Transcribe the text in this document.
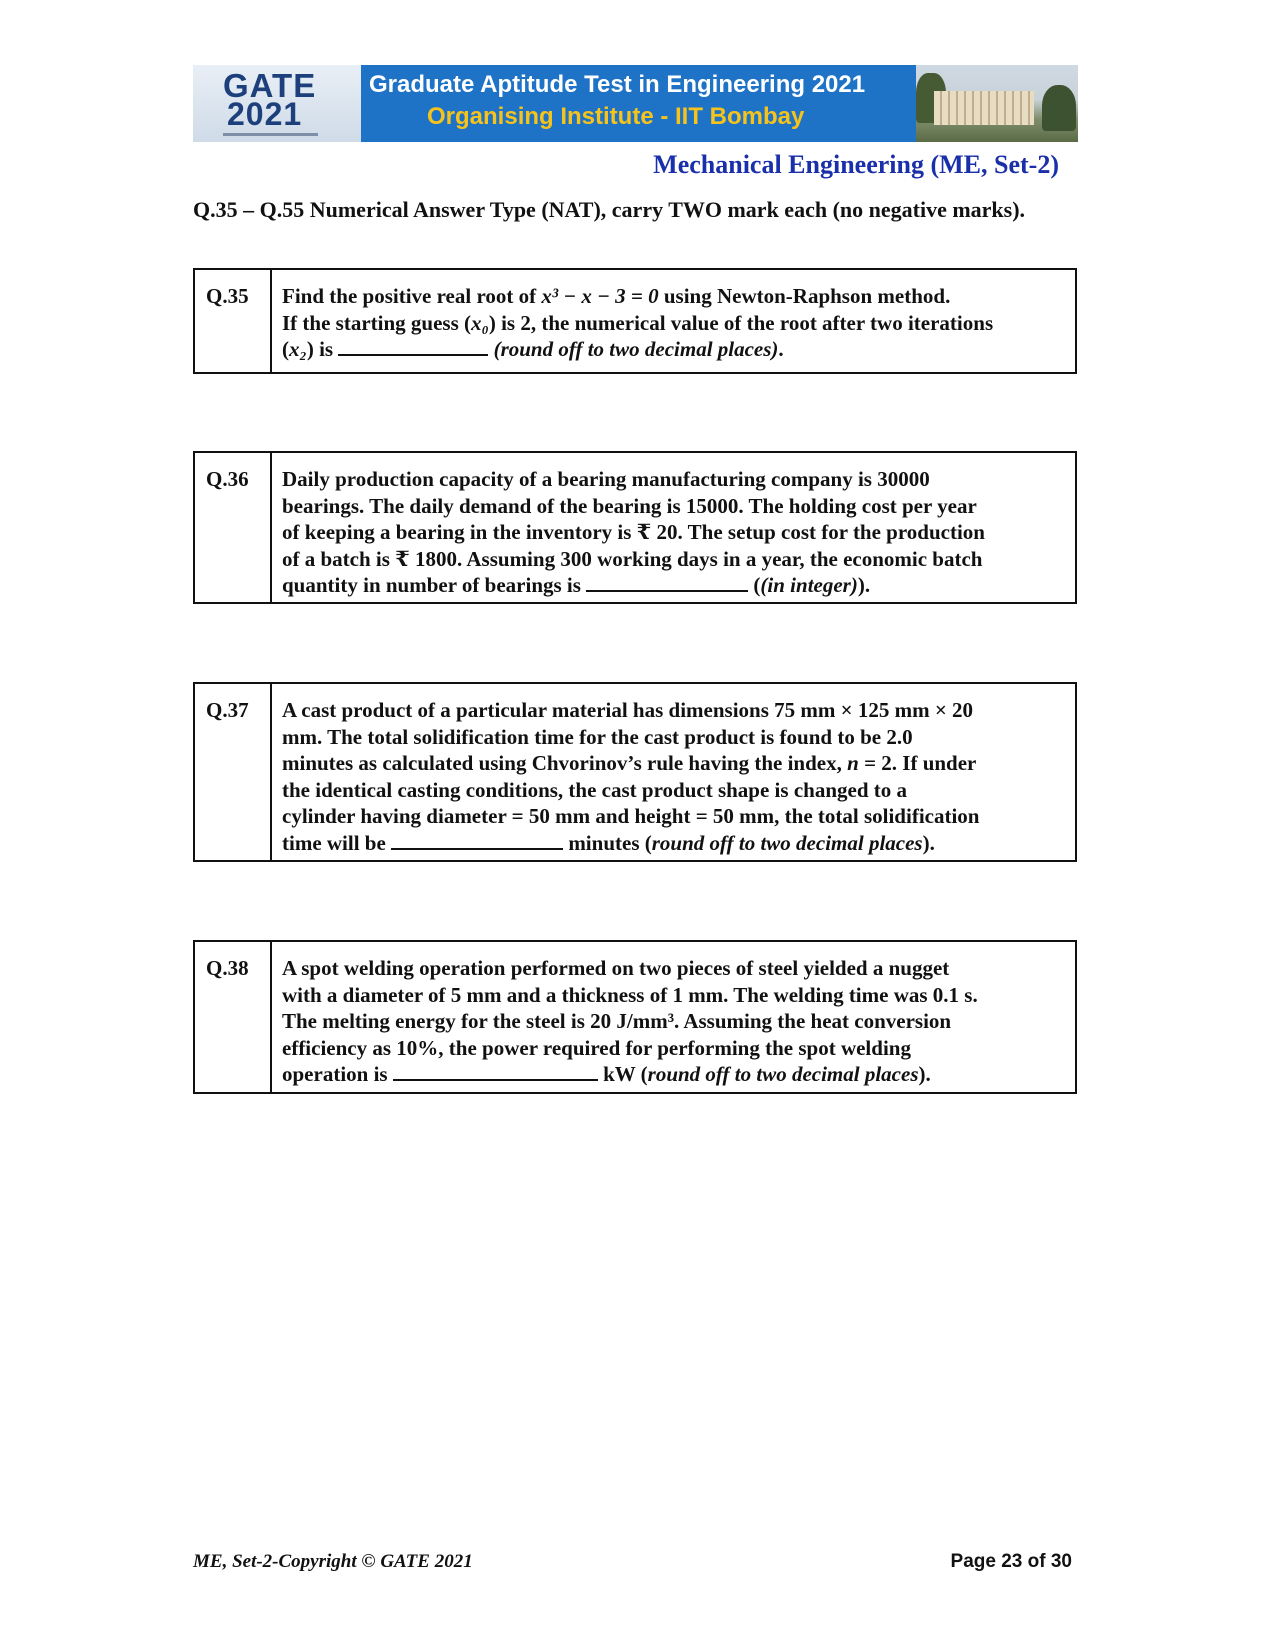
GATE
2021
Graduate Aptitude Test in Engineering 2021
Organising Institute - IIT Bombay
Mechanical Engineering (ME, Set-2)
Q.35 – Q.55 Numerical Answer Type (NAT), carry TWO mark each (no negative marks).
Q.35	Find the positive real root of x³ − x − 3 = 0 using Newton-Raphson method.
If the starting guess (x₀) is 2, the numerical value of the root after two iterations
(x₂) is	(round off to two decimal places).
Q.36	Daily production capacity of a bearing manufacturing company is 30000
bearings. The daily demand of the bearing is 15000. The holding cost per year
of keeping a bearing in the inventory is ₹ 20. The setup cost for the production
of a batch is ₹ 1800. Assuming 300 working days in a year, the economic batch
quantity in number of bearings is	((in integer)).
Q.37	A cast product of a particular material has dimensions 75 mm × 125 mm × 20
mm. The total solidification time for the cast product is found to be 2.0
minutes as calculated using Chvorinov’s rule having the index, n = 2. If under
the identical casting conditions, the cast product shape is changed to a
cylinder having diameter = 50 mm and height = 50 mm, the total solidification
time will be	minutes (round off to two decimal places).
Q.38	A spot welding operation performed on two pieces of steel yielded a nugget
with a diameter of 5 mm and a thickness of 1 mm. The welding time was 0.1 s.
The melting energy for the steel is 20 J/mm³. Assuming the heat conversion
efficiency as 10%, the power required for performing the spot welding
operation is	kW (round off to two decimal places).
ME, Set-2-Copyright © GATE 2021	Page 23 of 30
